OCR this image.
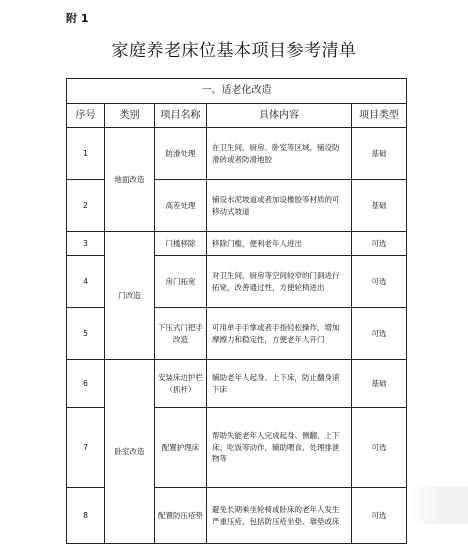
附 1
家庭养老床位基本项目参考清单
一、适老化改造				
序号	类别	项目名称	具体内容	项目类型
1	地面改造	防滑处理	在卫生间、厨房、卧室等区域，铺设防滑砖或者防滑地胶	基础
2		高差处理	铺设水泥坡道或者加设橡胶等材质的可移动式坡道	基础
3	门改造	门槛移除	移除门槛，便利老年人进出	可选
4		房门拓宽	对卫生间、厨房等空间较窄的门洞进行拓宽，改善通过性，方便轮椅进出	可选
5		下压式门把手改造	可用单手手掌或者手指轻松操作，增加摩擦力和稳定性，方便老年人开门	可选
6	卧室改造	安装床边护栏（抓杆）	辅助老年人起身、上下床，防止翻身滚下床	基础
7		配置护理床	帮助失能老年人完成起身、侧翻、上下床、吃饭等动作，辅助喂食、处理排泄物等	可选
8		配置防压疮垫	避免长期乘坐轮椅或卧床的老年人发生严重压疮，包括防压疮坐垫、靠垫或床	可选
